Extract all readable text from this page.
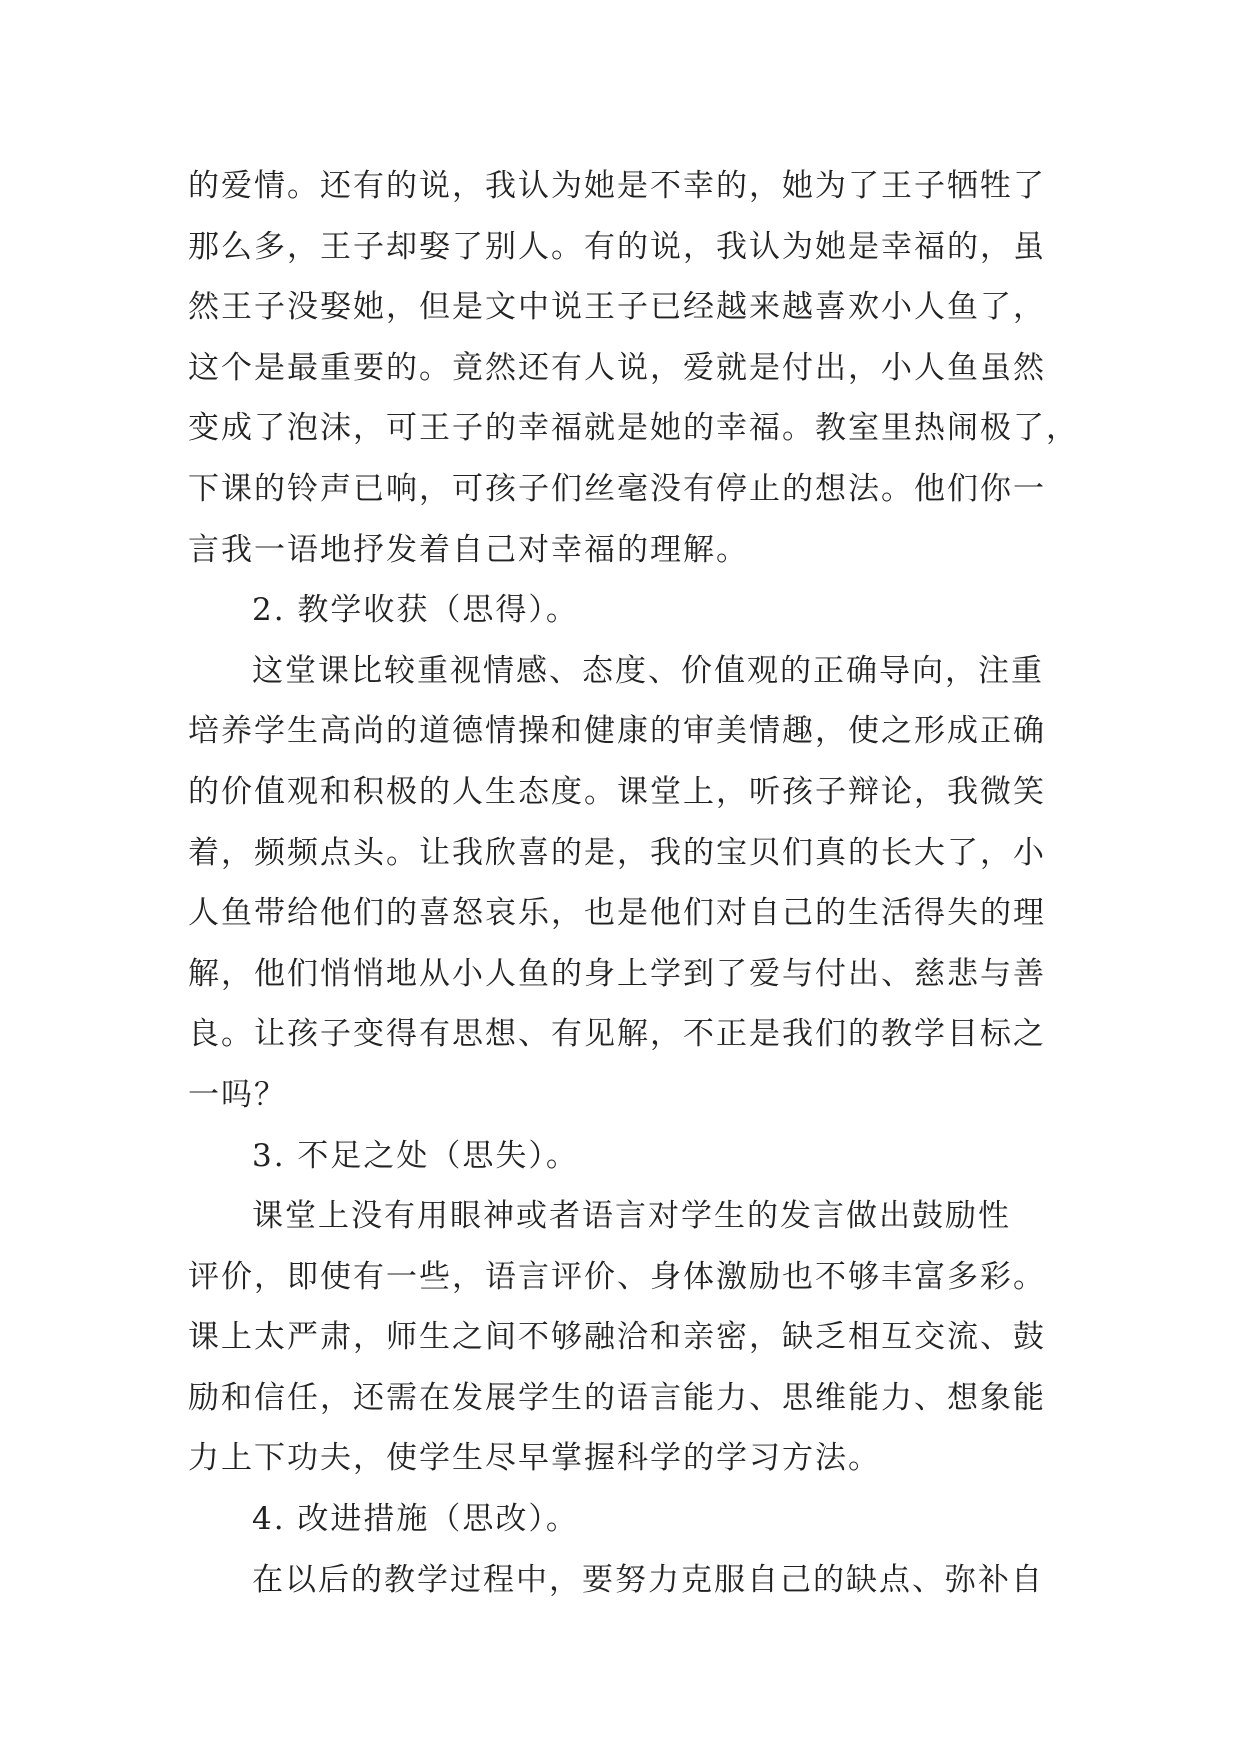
的爱情。还有的说，我认为她是不幸的，她为了王子牺牲了
那么多，王子却娶了别人。有的说，我认为她是幸福的，虽
然王子没娶她，但是文中说王子已经越来越喜欢小人鱼了，
这个是最重要的。竟然还有人说，爱就是付出，小人鱼虽然
变成了泡沫，可王子的幸福就是她的幸福。教室里热闹极了，
下课的铃声已响，可孩子们丝毫没有停止的想法。他们你一
言我一语地抒发着自己对幸福的理解。
2. 教学收获（思得）。
这堂课比较重视情感、态度、价值观的正确导向，注重
培养学生高尚的道德情操和健康的审美情趣，使之形成正确
的价值观和积极的人生态度。课堂上，听孩子辩论，我微笑
着，频频点头。让我欣喜的是，我的宝贝们真的长大了，小
人鱼带给他们的喜怒哀乐，也是他们对自己的生活得失的理
解，他们悄悄地从小人鱼的身上学到了爱与付出、慈悲与善
良。让孩子变得有思想、有见解，不正是我们的教学目标之
一吗？
3. 不足之处（思失）。
课堂上没有用眼神或者语言对学生的发言做出鼓励性
评价，即使有一些，语言评价、身体激励也不够丰富多彩。
课上太严肃，师生之间不够融洽和亲密，缺乏相互交流、鼓
励和信任，还需在发展学生的语言能力、思维能力、想象能
力上下功夫，使学生尽早掌握科学的学习方法。
4. 改进措施（思改）。
在以后的教学过程中，要努力克服自己的缺点、弥补自
